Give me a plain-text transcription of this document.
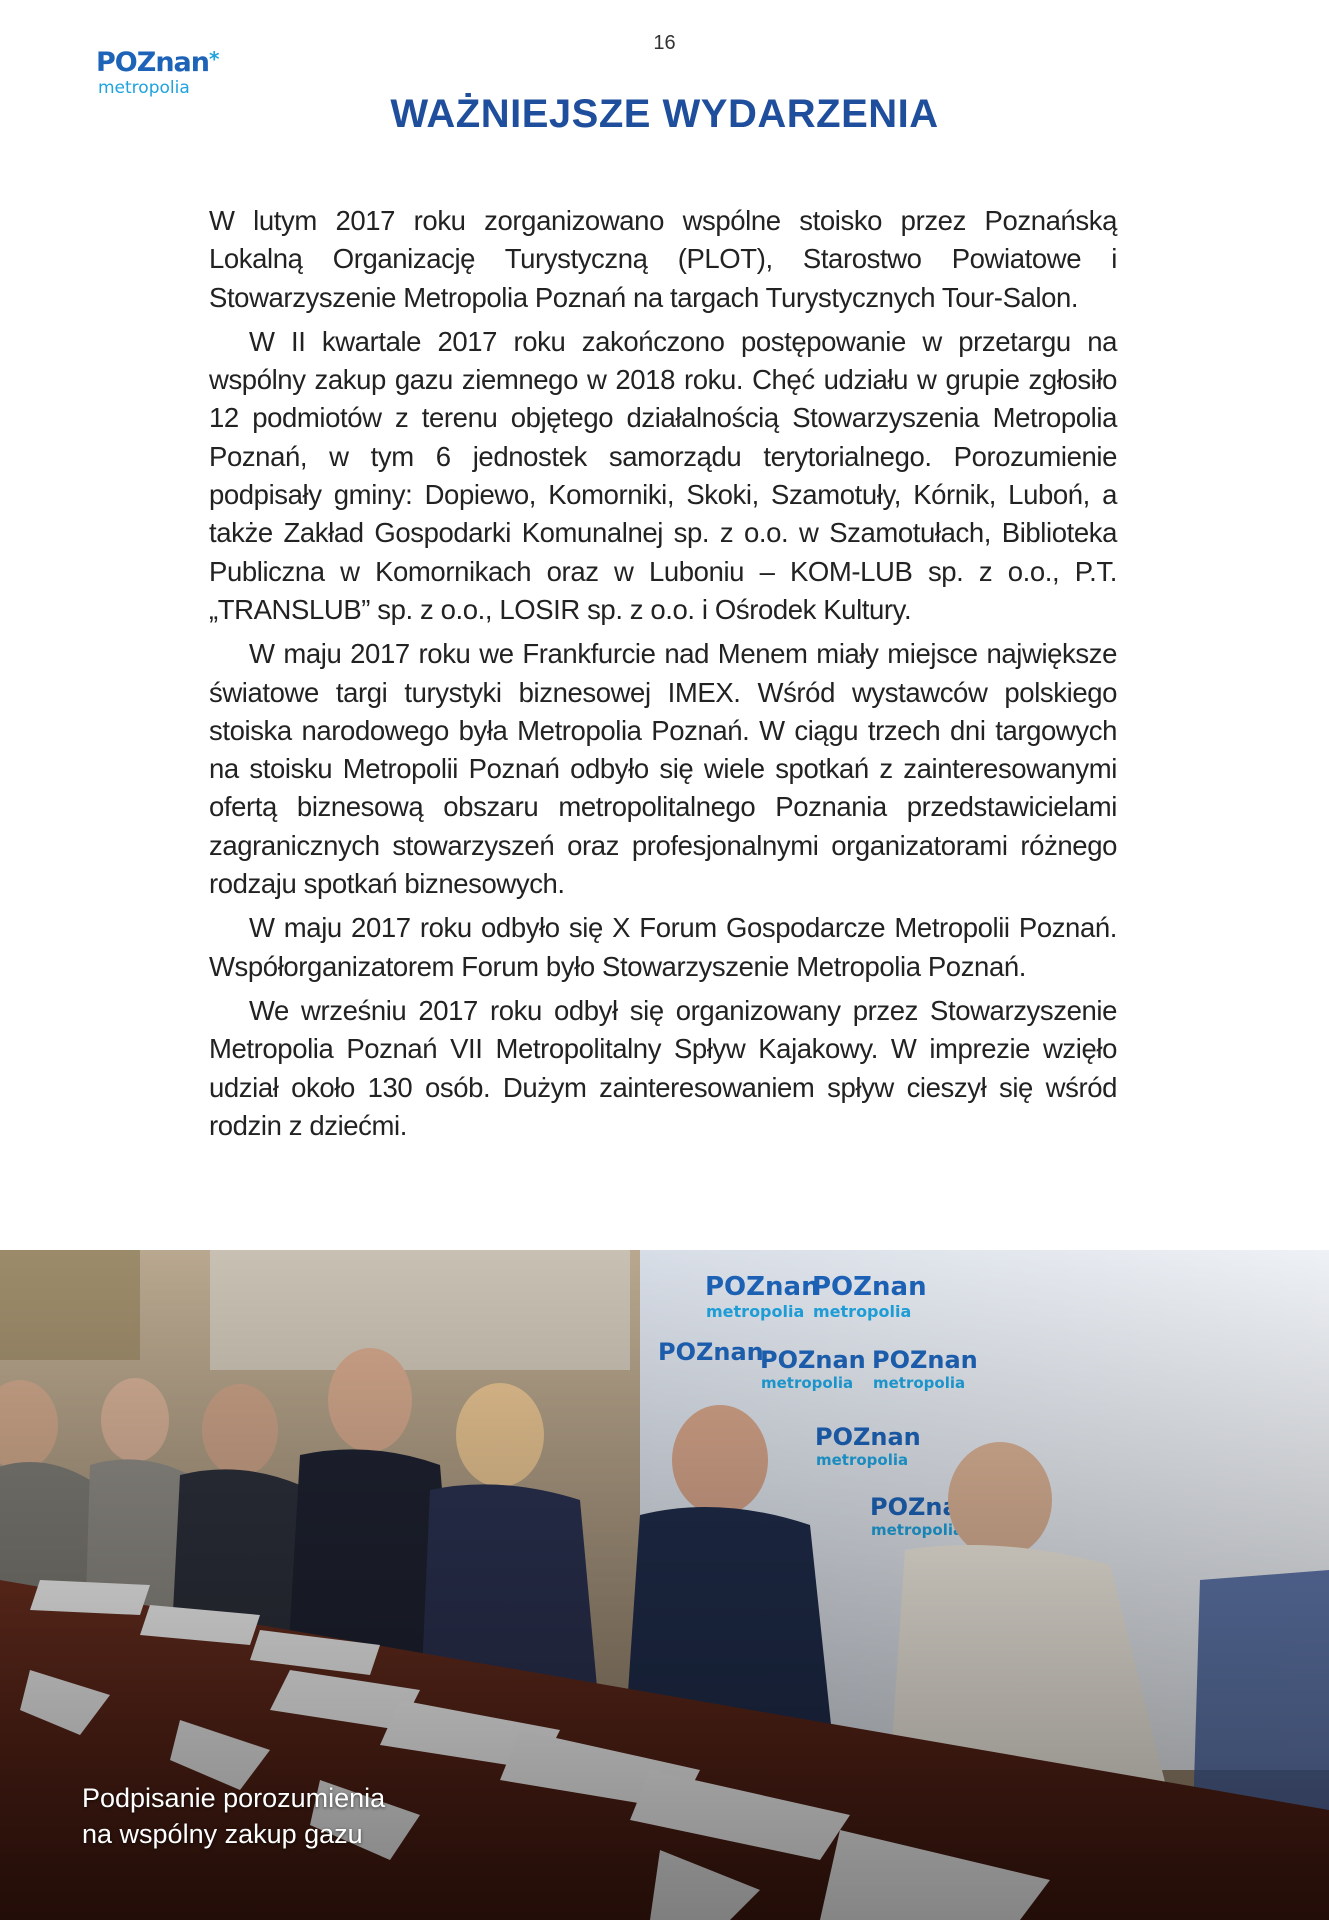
16
POZnan*
metropolia
WAŻNIEJSZE WYDARZENIA

W lutym 2017 roku zorganizowano wspólne stoisko przez Poznańską Lokalną Organizację Turystyczną (PLOT), Starostwo Powiatowe i Stowarzyszenie Metropolia Poznań na targach Turystycznych Tour-Salon.

W II kwartale 2017 roku zakończono postępowanie w przetargu na wspólny zakup gazu ziemnego w 2018 roku. Chęć udziału w grupie zgłosiło 12 podmiotów z terenu objętego działalnością Stowarzyszenia Metropolia Poznań, w tym 6 jednostek samorządu terytorialnego. Porozumienie podpisały gminy: Dopiewo, Komorniki, Skoki, Szamotuły, Kórnik, Luboń, a także Zakład Gospodarki Komunalnej sp. z o.o. w Szamotułach, Biblioteka Publiczna w Komornikach oraz w Luboniu – KOM-LUB sp. z o.o., P.T. „TRANSLUB” sp. z o.o., LOSIR sp. z o.o. i Ośrodek Kultury.

W maju 2017 roku we Frankfurcie nad Menem miały miejsce największe światowe targi turystyki biznesowej IMEX. Wśród wystawców polskiego stoiska narodowego była Metropolia Poznań. W ciągu trzech dni targowych na stoisku Metropolii Poznań odbyło się wiele spotkań z zainteresowanymi ofertą biznesową obszaru metropolitalnego Poznania przedstawicielami zagranicznych stowarzyszeń oraz profesjonalnymi organizatorami różnego rodzaju spotkań biznesowych.

W maju 2017 roku odbyło się X Forum Gospodarcze Metropolii Poznań. Współorganizatorem Forum było Stowarzyszenie Metropolia Poznań.

We wrześniu 2017 roku odbył się organizowany przez Stowarzyszenie Metropolia Poznań VII Metropolitalny Spływ Kajakowy. W imprezie wzięło udział około 130 osób. Dużym zainteresowaniem spływ cieszył się wśród rodzin z dziećmi.

Podpisanie porozumienia
na wspólny zakup gazu
